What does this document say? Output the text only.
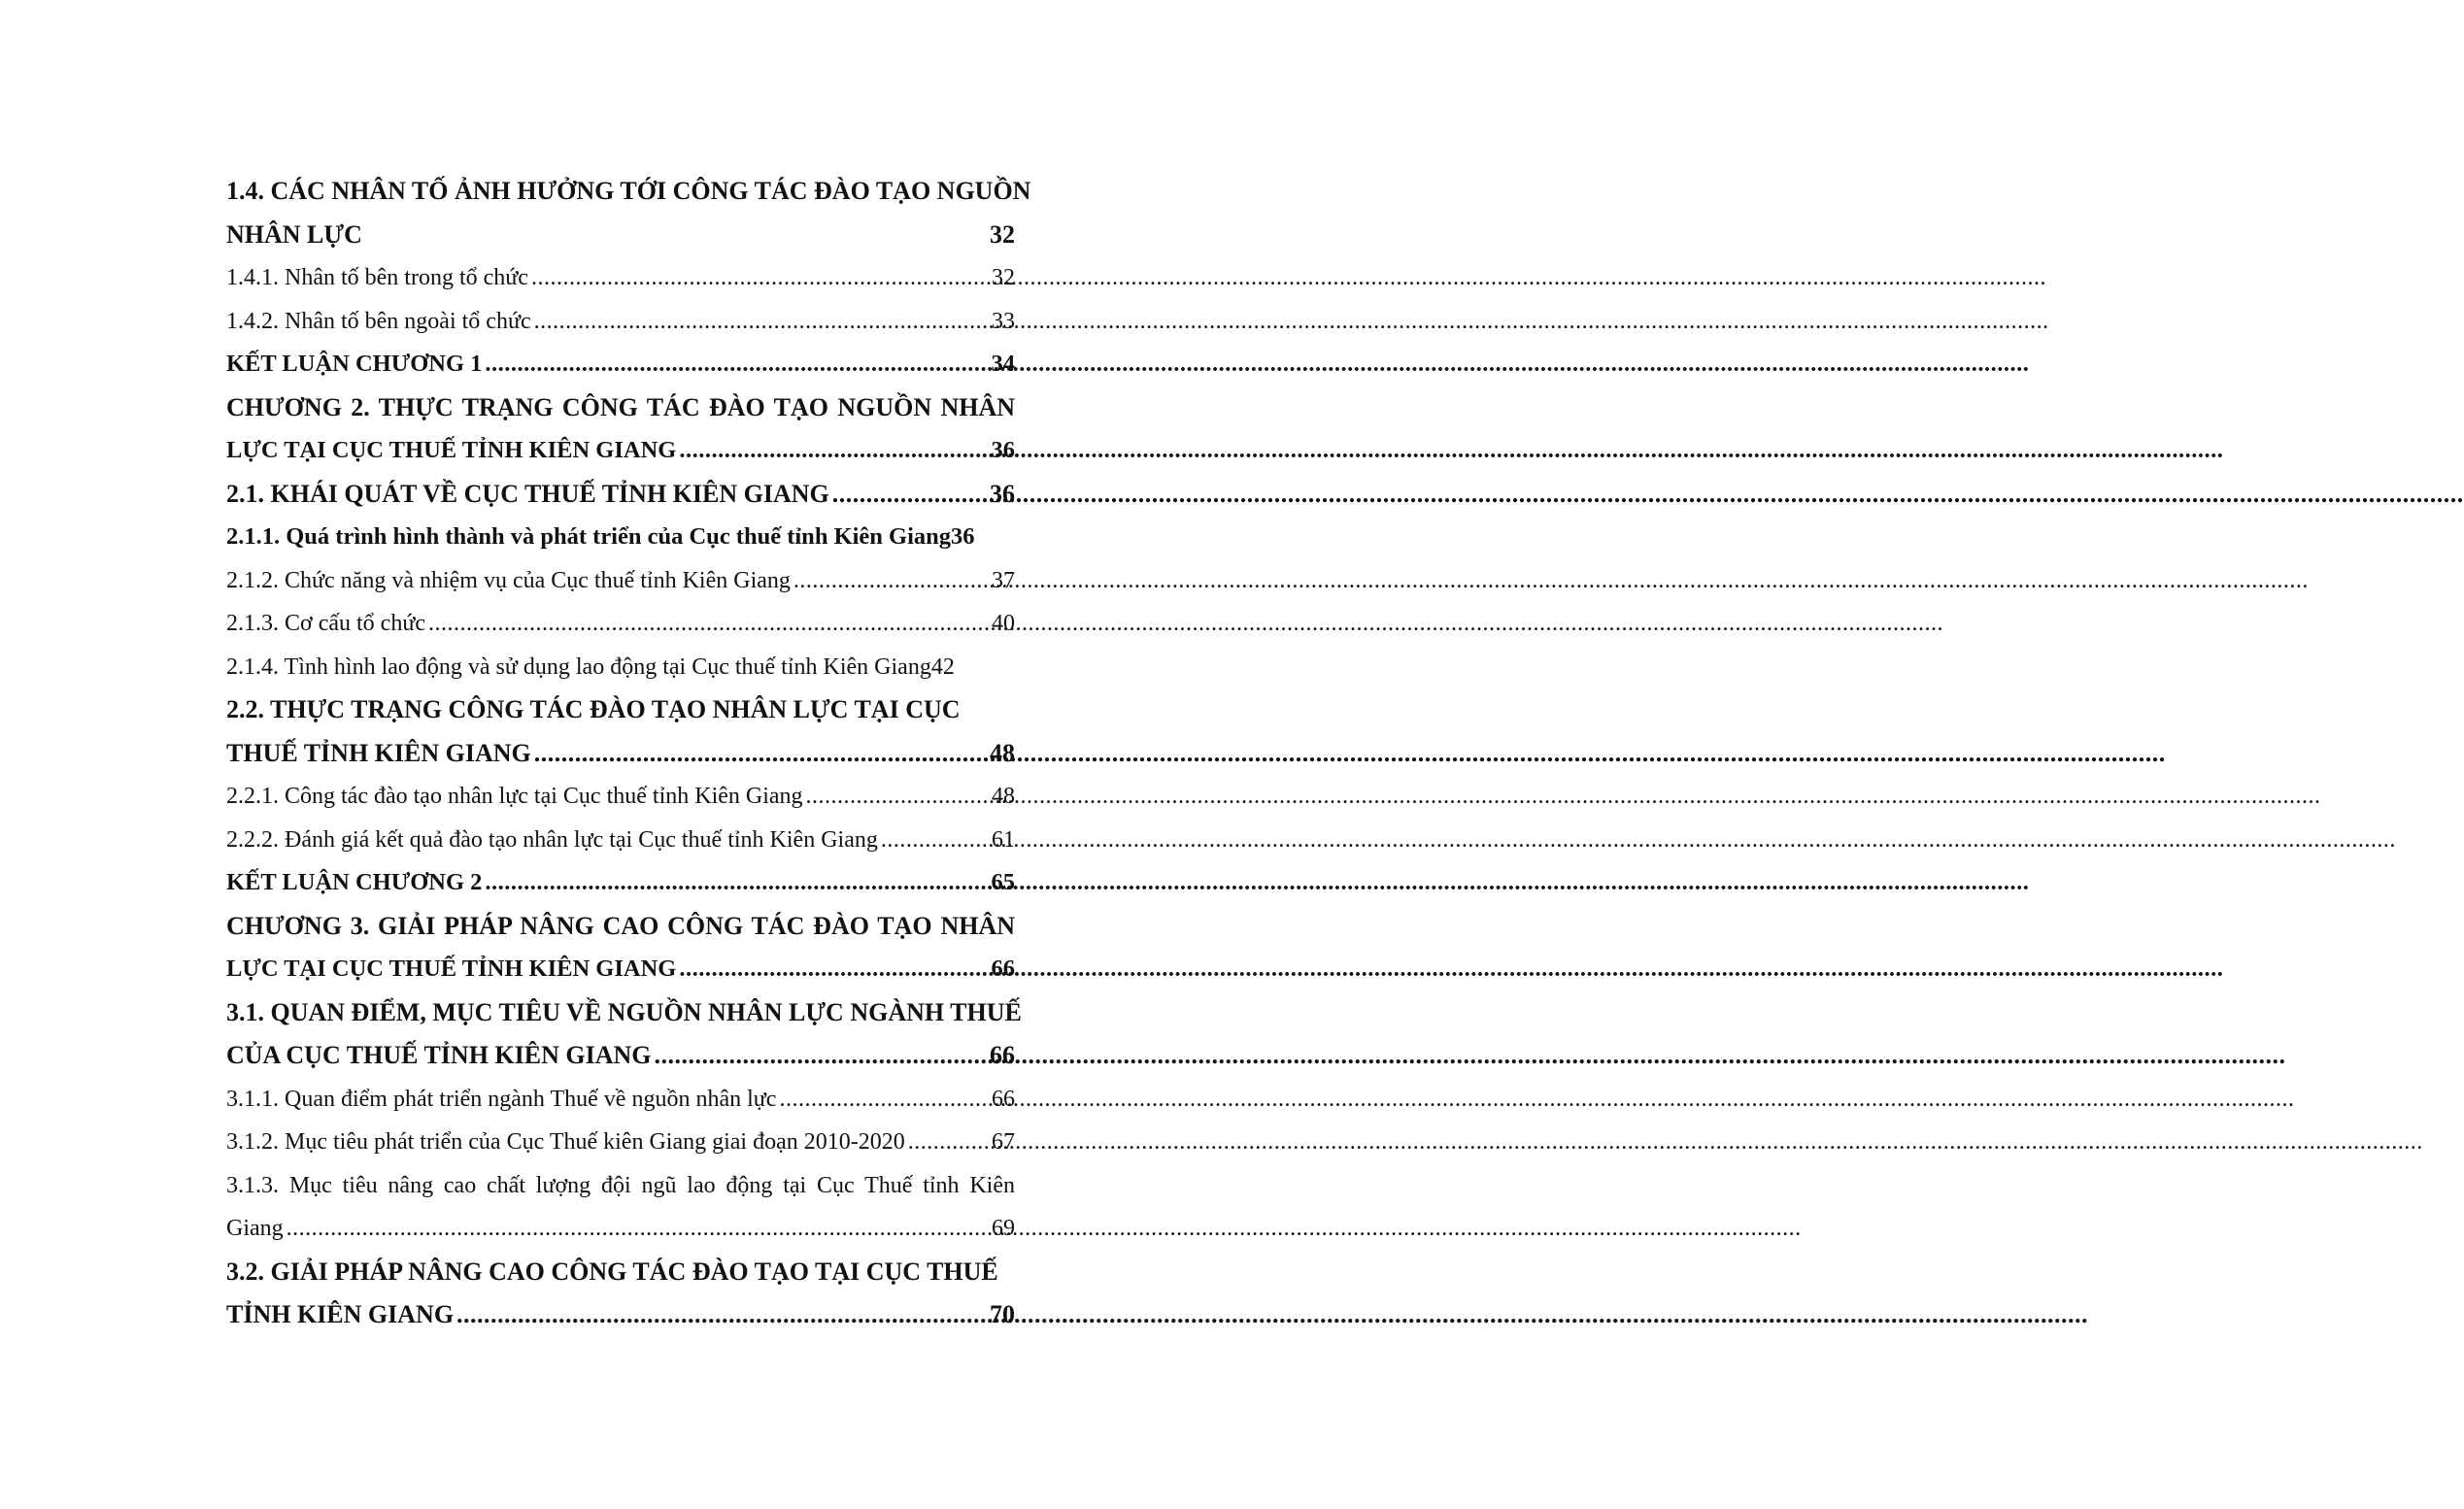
1.4. CÁC NHÂN TỐ ẢNH HƯỞNG TỚI CÔNG TÁC ĐÀO TẠO NGUỒN
NHÂN LỰC	32
1.4.1. Nhân tố bên trong tổ chức .....	32
1.4.2. Nhân tố bên ngoài tổ chức .....	33
KẾT LUẬN CHƯƠNG 1 .....	34
CHƯƠNG 2. THỰC TRẠNG CÔNG TÁC ĐÀO TẠO NGUỒN NHÂN
LỰC TẠI CỤC THUẾ TỈNH KIÊN GIANG .....	36
2.1. KHÁI QUÁT VỀ CỤC THUẾ TỈNH KIÊN GIANG .....	36
2.1.1. Quá trình hình thành và phát triển của Cục thuế tỉnh Kiên Giang 36
2.1.2. Chức năng và nhiệm vụ của Cục thuế tỉnh Kiên Giang .....	37
2.1.3. Cơ cấu tổ chức .....	40
2.1.4. Tình hình lao động và sử dụng lao động tại Cục thuế tỉnh Kiên Giang 42
2.2. THỰC TRẠNG CÔNG TÁC ĐÀO TẠO NHÂN LỰC TẠI CỤC
THUẾ TỈNH KIÊN GIANG .....	48
2.2.1. Công tác đào tạo nhân lực tại Cục thuế tỉnh Kiên Giang .....	48
2.2.2. Đánh giá kết quả đào tạo nhân lực tại Cục thuế tỉnh Kiên Giang .....	61
KẾT LUẬN CHƯƠNG 2 .....	65
CHƯƠNG 3. GIẢI PHÁP NÂNG CAO CÔNG TÁC ĐÀO TẠO NHÂN
LỰC TẠI CỤC THUẾ TỈNH KIÊN GIANG .....	66
3.1. QUAN ĐIỂM, MỤC TIÊU VỀ NGUỒN NHÂN LỰC NGÀNH THUẾ
CỦA CỤC THUẾ TỈNH KIÊN GIANG .....	66
3.1.1. Quan điểm phát triển ngành Thuế về nguồn nhân lực .....	66
3.1.2. Mục tiêu phát triển của Cục Thuế kiên Giang giai đoạn 2010-2020 .....	67
3.1.3. Mục tiêu nâng cao chất lượng đội ngũ lao động tại Cục Thuế tỉnh Kiên
Giang .....	69
3.2. GIẢI PHÁP NÂNG CAO CÔNG TÁC ĐÀO TẠO TẠI CỤC THUẾ
TỈNH KIÊN GIANG .....	70
